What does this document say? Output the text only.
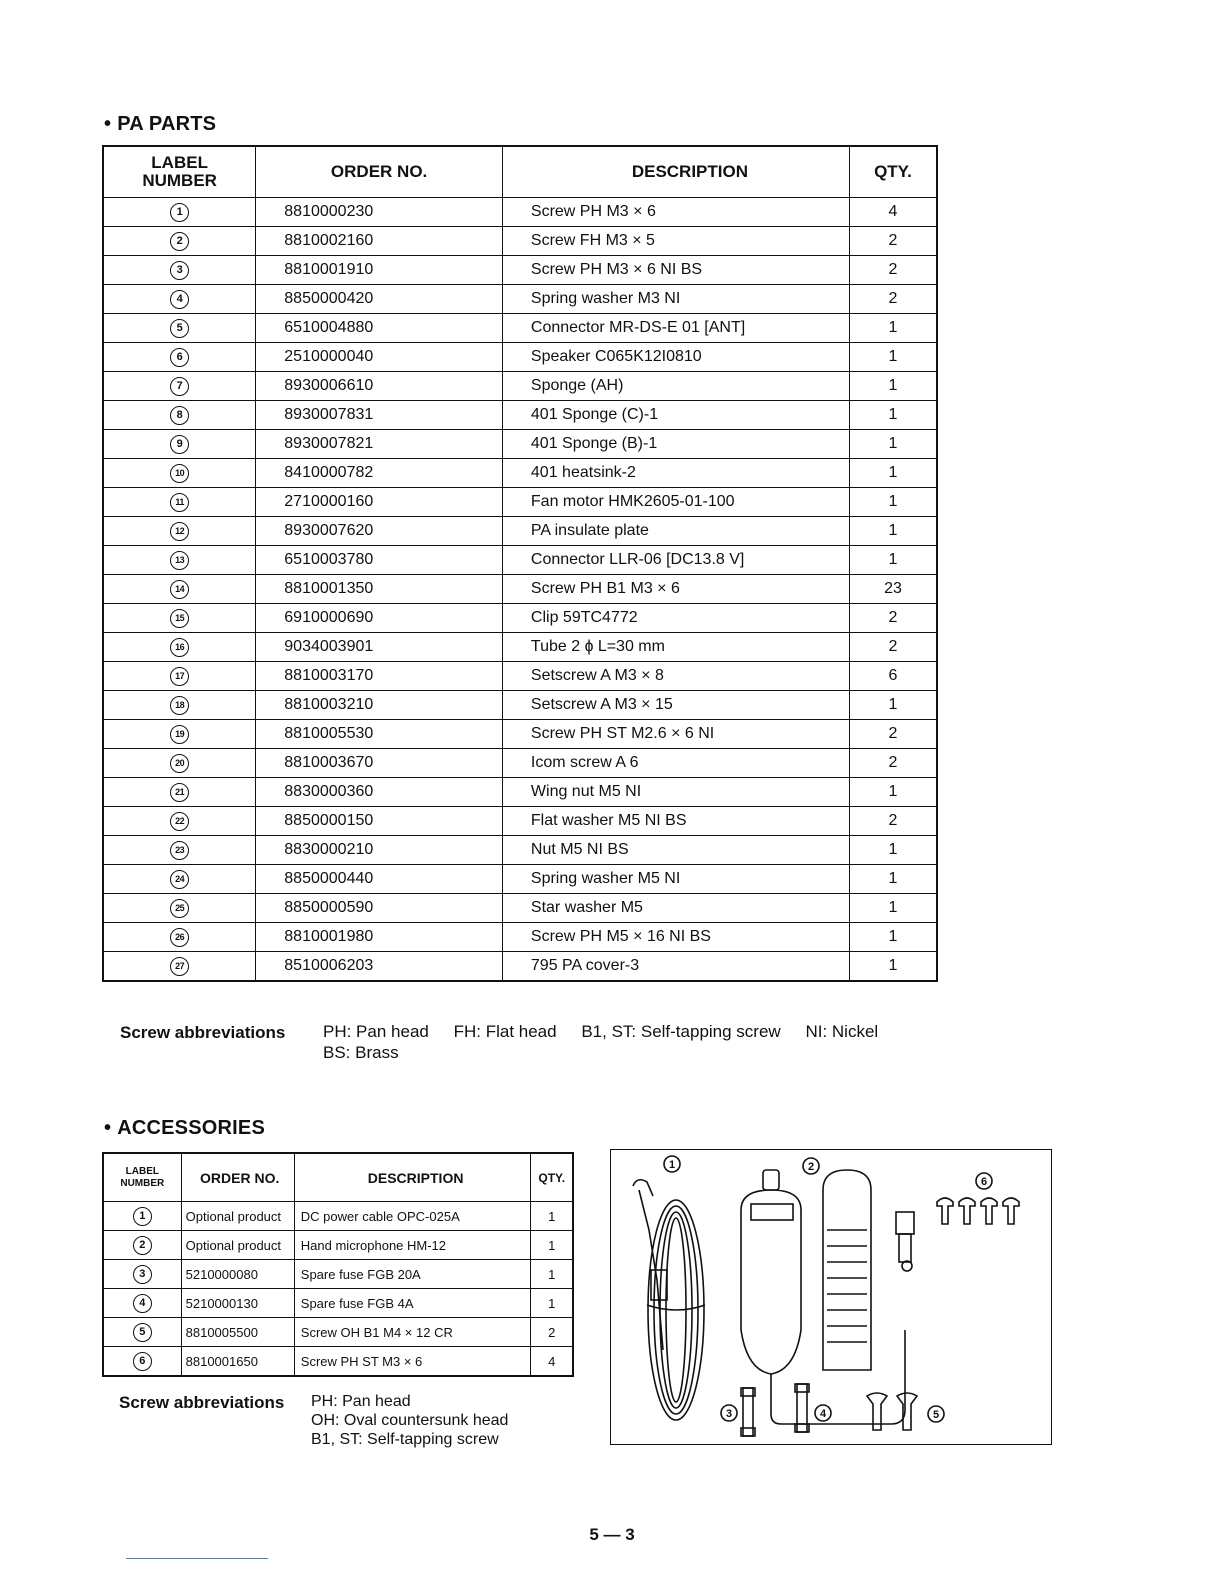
• PA PARTS
LABEL NUMBER	ORDER NO.	DESCRIPTION	QTY.
1	8810000230	Screw PH M3 × 6	4
2	8810002160	Screw FH M3 × 5	2
3	8810001910	Screw PH M3 × 6 NI BS	2
4	8850000420	Spring washer M3 NI	2
5	6510004880	Connector MR-DS-E 01 [ANT]	1
6	2510000040	Speaker C065K12I0810	1
7	8930006610	Sponge (AH)	1
8	8930007831	401 Sponge (C)-1	1
9	8930007821	401 Sponge (B)-1	1
10	8410000782	401 heatsink-2	1
11	2710000160	Fan motor HMK2605-01-100	1
12	8930007620	PA insulate plate	1
13	6510003780	Connector LLR-06 [DC13.8 V]	1
14	8810001350	Screw PH B1 M3 × 6	23
15	6910000690	Clip 59TC4772	2
16	9034003901	Tube 2 ɸ L=30 mm	2
17	8810003170	Setscrew A M3 × 8	6
18	8810003210	Setscrew A M3 × 15	1
19	8810005530	Screw PH ST M2.6 × 6 NI	2
20	8810003670	Icom screw A 6	2
21	8830000360	Wing nut M5 NI	1
22	8850000150	Flat washer M5 NI BS	2
23	8830000210	Nut M5 NI BS	1
24	8850000440	Spring washer M5 NI	1
25	8850000590	Star washer M5	1
26	8810001980	Screw PH M5 × 16 NI BS	1
27	8510006203	795 PA cover-3	1
Screw abbreviations PH: Pan head FH: Flat head B1, ST: Self-tapping screw NI: Nickel
BS: Brass
• ACCESSORIES
LABEL NUMBER	ORDER NO.	DESCRIPTION	QTY.
1	Optional product	DC power cable OPC-025A	1
2	Optional product	Hand microphone HM-12	1
3	5210000080	Spare fuse FGB 20A	1
4	5210000130	Spare fuse FGB 4A	1
5	8810005500	Screw OH B1 M4 × 12 CR	2
6	8810001650	Screw PH ST M3 × 6	4
Screw abbreviations PH: Pan head
OH: Oval countersunk head
B1, ST: Self-tapping screw
1	2
6
3	4	5
5 — 3
